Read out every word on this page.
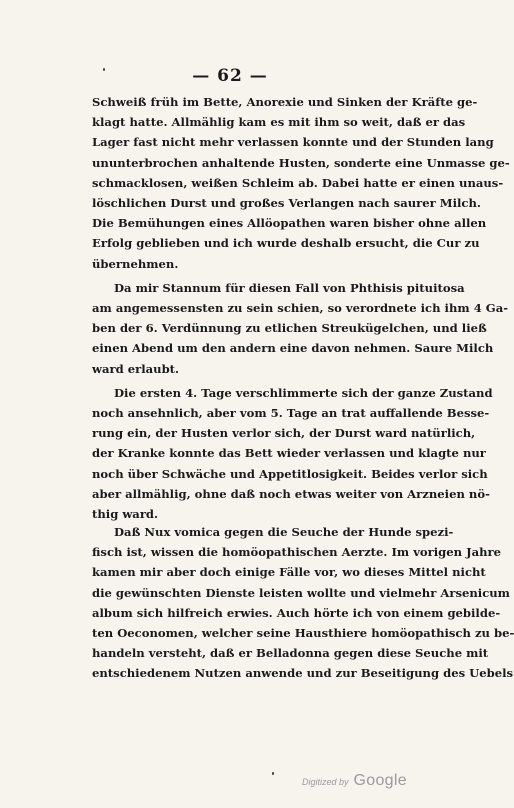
— 62 —

Schweiß früh im Bette, Anorexie und Sinken der Kräfte ge-
klagt hatte. Allmählig kam es mit ihm so weit, daß er das
Lager fast nicht mehr verlassen konnte und der Stunden lang
ununterbrochen anhaltende Husten, sonderte eine Unmasse ge-
schmacklosen, weißen Schleim ab. Dabei hatte er einen unaus-
löschlichen Durst und großes Verlangen nach saurer Milch.
Die Bemühungen eines Allöopathen waren bisher ohne allen
Erfolg geblieben und ich wurde deshalb ersucht, die Cur zu
übernehmen.

Da mir Stannum für diesen Fall von Phthisis pituitosa
am angemessensten zu sein schien, so verordnete ich ihm 4 Ga-
ben der 6. Verdünnung zu etlichen Streukügelchen, und ließ
einen Abend um den andern eine davon nehmen. Saure Milch
ward erlaubt.

Die ersten 4. Tage verschlimmerte sich der ganze Zustand
noch ansehnlich, aber vom 5. Tage an trat auffallende Besse-
rung ein, der Husten verlor sich, der Durst ward natürlich,
der Kranke konnte das Bett wieder verlassen und klagte nur
noch über Schwäche und Appetitlosigkeit. Beides verlor sich
aber allmählig, ohne daß noch etwas weiter von Arzneien nö-
thig ward.

Daß Nux vomica gegen die Seuche der Hunde spezi-
fisch ist, wissen die homöopathischen Aerzte. Im vorigen Jahre
kamen mir aber doch einige Fälle vor, wo dieses Mittel nicht
die gewünschten Dienste leisten wollte und vielmehr Arsenicum
album sich hilfreich erwies. Auch hörte ich von einem gebilde-
ten Oeconomen, welcher seine Hausthiere homöopathisch zu be-
handeln versteht, daß er Belladonna gegen diese Seuche mit
entschiedenem Nutzen anwende und zur Beseitigung des Uebels

Digitized by Google
